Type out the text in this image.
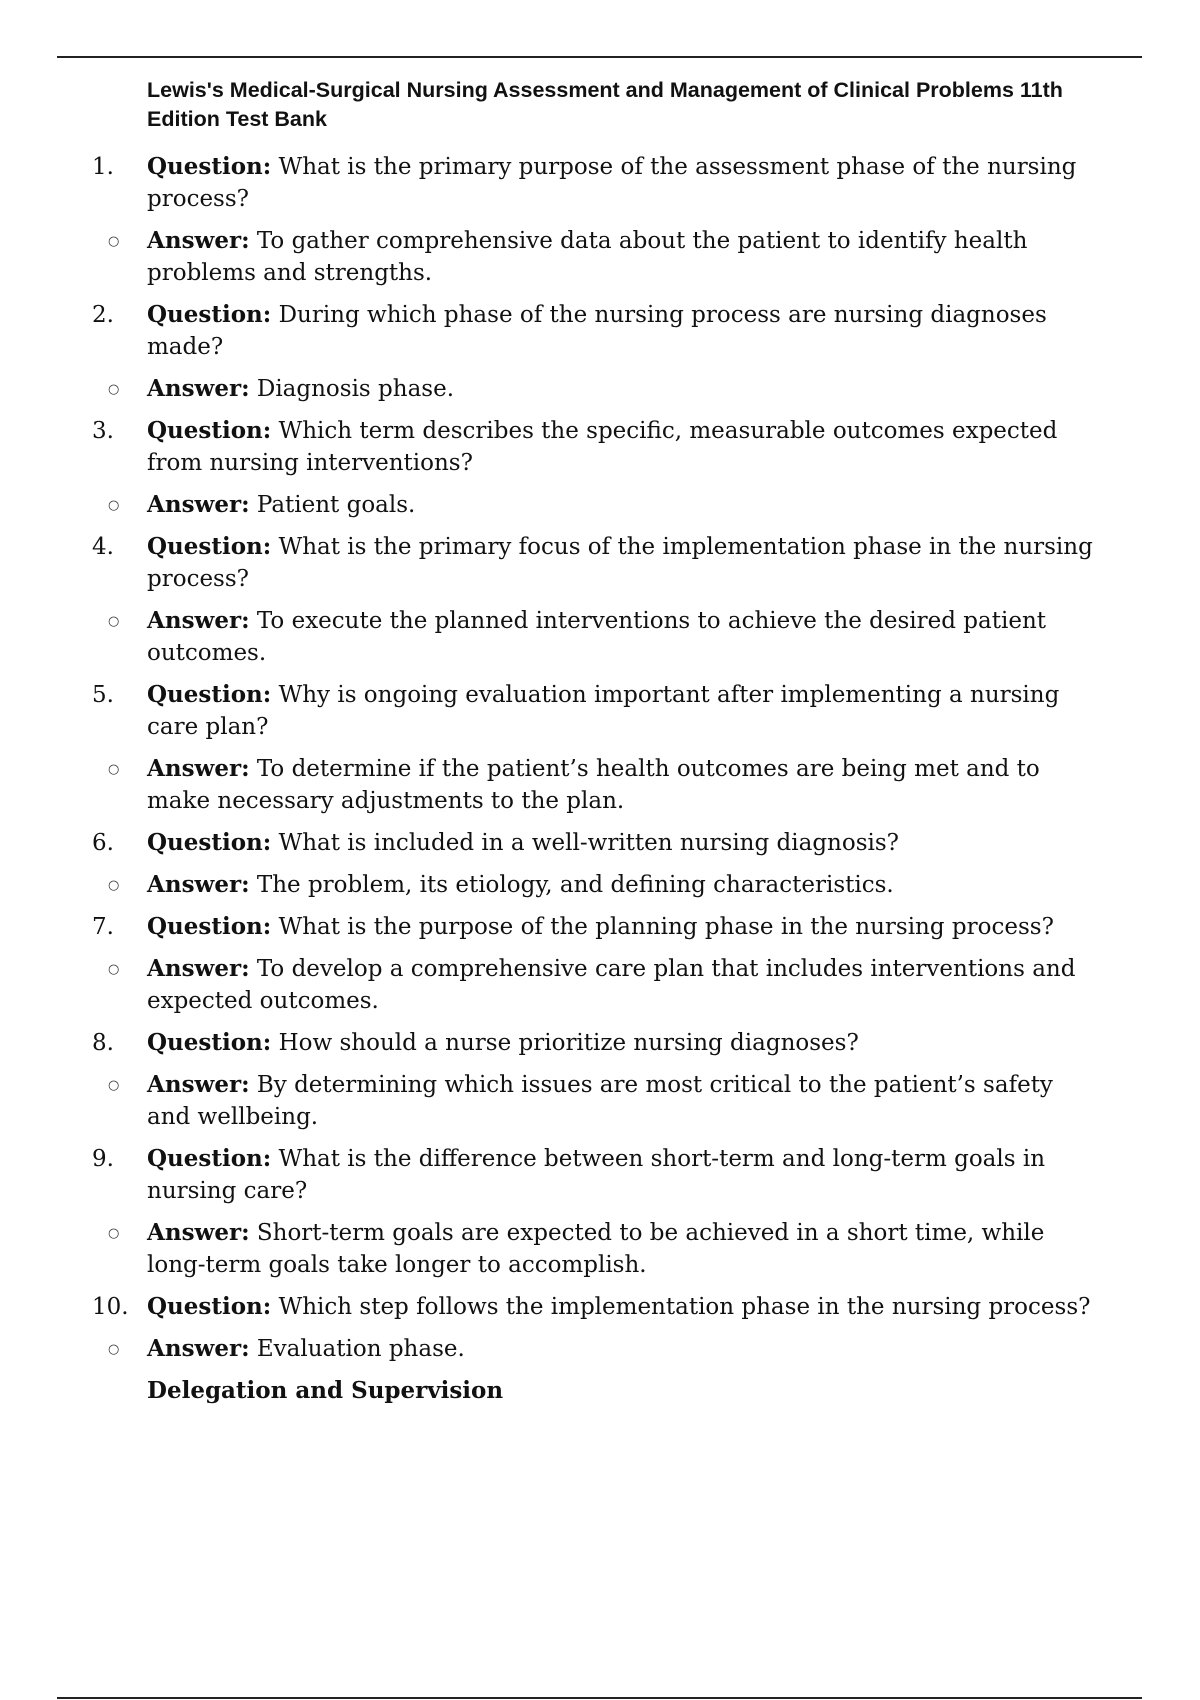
Lewis's Medical-Surgical Nursing Assessment and Management of Clinical Problems 11th Edition Test Bank
1.	Question: What is the primary purpose of the assessment phase of the nursing process?
○ Answer: To gather comprehensive data about the patient to identify health problems and strengths.
2.	Question: During which phase of the nursing process are nursing diagnoses made?
○ Answer: Diagnosis phase.
3.	Question: Which term describes the specific, measurable outcomes expected from nursing interventions?
○ Answer: Patient goals.
4.	Question: What is the primary focus of the implementation phase in the nursing process?
○ Answer: To execute the planned interventions to achieve the desired patient outcomes.
5.	Question: Why is ongoing evaluation important after implementing a nursing care plan?
○ Answer: To determine if the patient’s health outcomes are being met and to make necessary adjustments to the plan.
6.	Question: What is included in a well-written nursing diagnosis?
○ Answer: The problem, its etiology, and defining characteristics.
7.	Question: What is the purpose of the planning phase in the nursing process?
○ Answer: To develop a comprehensive care plan that includes interventions and expected outcomes.
8.	Question: How should a nurse prioritize nursing diagnoses?
○ Answer: By determining which issues are most critical to the patient’s safety and wellbeing.
9.	Question: What is the difference between short-term and long-term goals in nursing care?
○ Answer: Short-term goals are expected to be achieved in a short time, while long-term goals take longer to accomplish.
10. Question: Which step follows the implementation phase in the nursing process?
○ Answer: Evaluation phase.
Delegation and Supervision
